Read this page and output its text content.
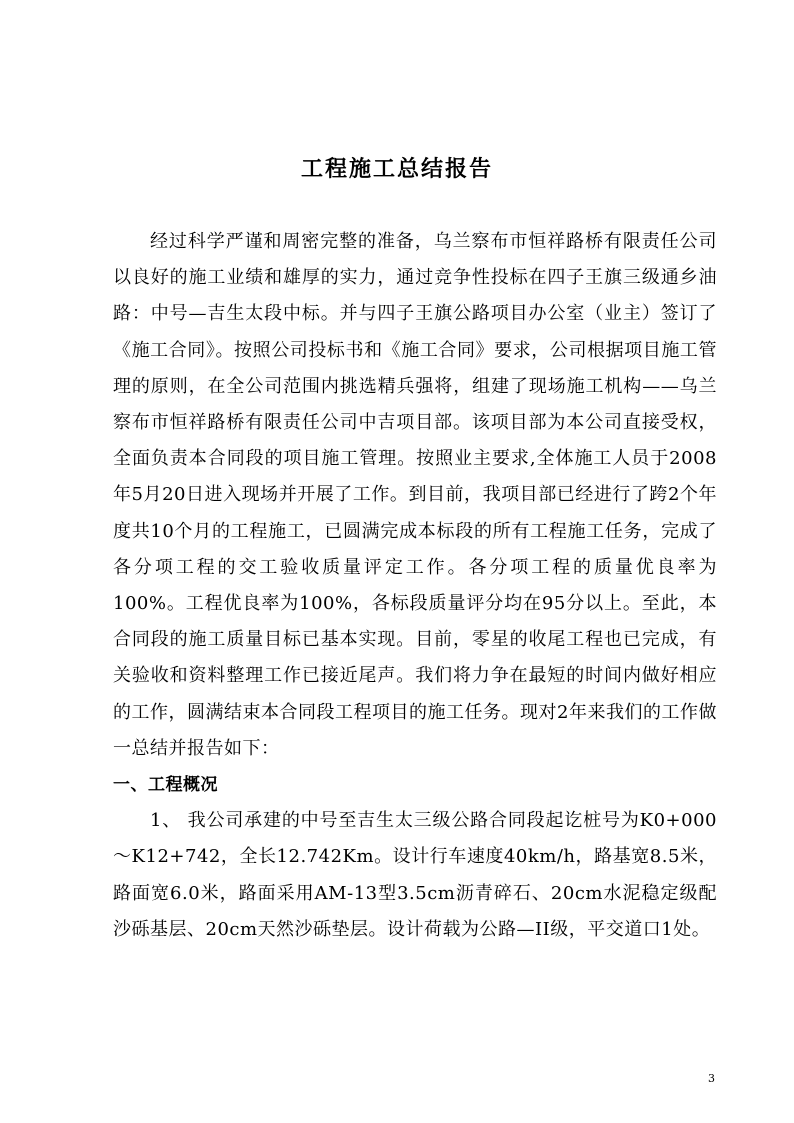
工程施工总结报告

经过科学严谨和周密完整的准备，乌兰察布市恒祥路桥有限责任公司以良好的施工业绩和雄厚的实力，通过竞争性投标在四子王旗三级通乡油路：中号—吉生太段中标。并与四子王旗公路项目办公室（业主）签订了《施工合同》。按照公司投标书和《施工合同》要求，公司根据项目施工管理的原则，在全公司范围内挑选精兵强将，组建了现场施工机构——乌兰察布市恒祥路桥有限责任公司中吉项目部。该项目部为本公司直接受权，全面负责本合同段的项目施工管理。按照业主要求,全体施工人员于2008年5月20日进入现场并开展了工作。到目前，我项目部已经进行了跨2个年度共10个月的工程施工，已圆满完成本标段的所有工程施工任务，完成了各分项工程的交工验收质量评定工作。各分项工程的质量优良率为100%。工程优良率为100%，各标段质量评分均在95分以上。至此，本合同段的施工质量目标已基本实现。目前，零星的收尾工程也已完成，有关验收和资料整理工作已接近尾声。我们将力争在最短的时间内做好相应的工作，圆满结束本合同段工程项目的施工任务。现对2年来我们的工作做一总结并报告如下：

一、工程概况

1、 我公司承建的中号至吉生太三级公路合同段起讫桩号为K0+000～K12+742，全长12.742Km。设计行车速度40km/h，路基宽8.5米，路面宽6.0米，路面采用AM-13型3.5cm沥青碎石、20cm水泥稳定级配沙砾基层、20cm天然沙砾垫层。设计荷载为公路—II级，平交道口1处。

3
